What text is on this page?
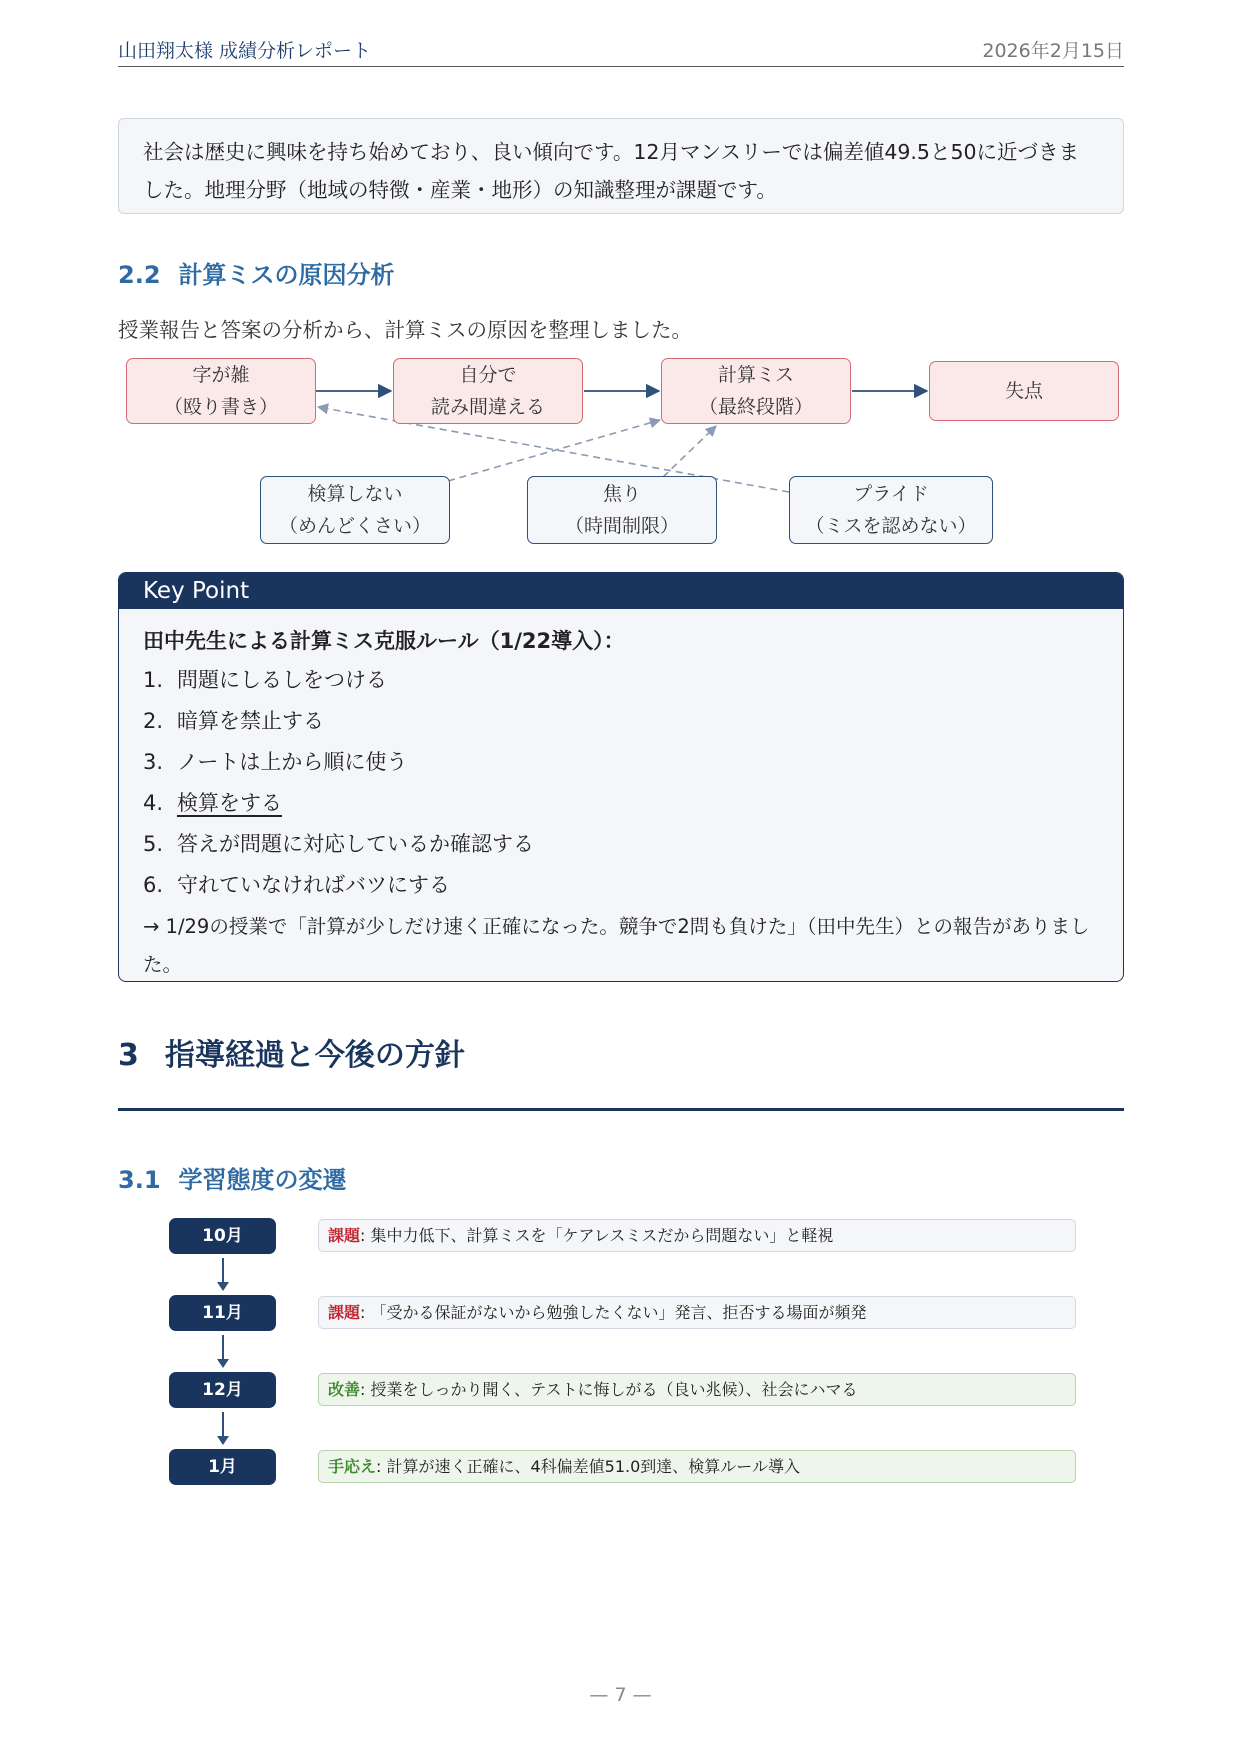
山田翔太様 成績分析レポート	2026年2月15日
社会は歴史に興味を持ち始めており、良い傾向です。12月マンスリーでは偏差値49.5と50に近づきました。地理分野（地域の特徴・産業・地形）の知識整理が課題です。
2.2 計算ミスの原因分析
授業報告と答案の分析から、計算ミスの原因を整理しました。
字が雑
（殴り書き）
自分で
読み間違える
計算ミス
（最終段階）
失点
検算しない
（めんどくさい）
焦り
（時間制限）
プライド
（ミスを認めない）
Key Point
田中先生による計算ミス克服ルール（1/22導入）：
1. 問題にしるしをつける
2. 暗算を禁止する
3. ノートは上から順に使う
4. 検算をする
5. 答えが問題に対応しているか確認する
6. 守れていなければバツにする
→ 1/29の授業で「計算が少しだけ速く正確になった。競争で2問も負けた」（田中先生）との報告がありました。
3 指導経過と今後の方針
3.1 学習態度の変遷
10月	課題: 集中力低下、計算ミスを「ケアレスミスだから問題ない」と軽視
11月	課題: 「受かる保証がないから勉強したくない」発言、拒否する場面が頻発
12月	改善: 授業をしっかり聞く、テストに悔しがる（良い兆候）、社会にハマる
1月	手応え: 計算が速く正確に、4科偏差値51.0到達、検算ルール導入
— 7 —
